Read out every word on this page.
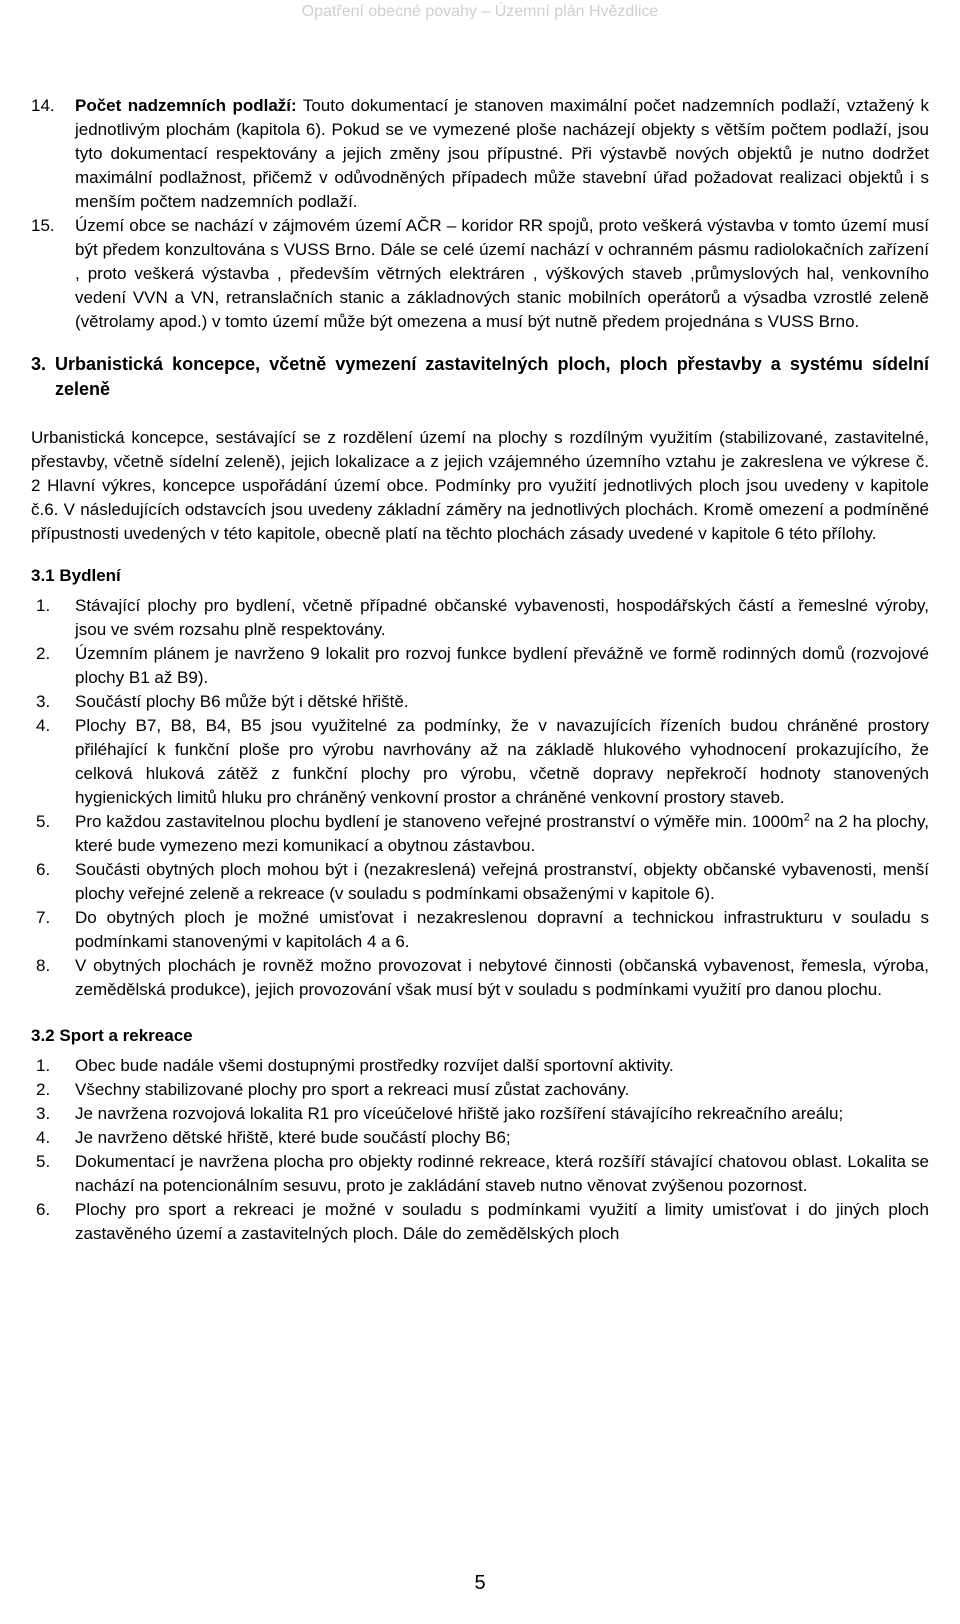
Opatření obecné povahy – Územní plán Hvězdlice
14. Počet nadzemních podlaží: Touto dokumentací je stanoven maximální počet nadzemních podlaží, vztažený k jednotlivým plochám (kapitola 6). Pokud se ve vymezené ploše nacházejí objekty s větším počtem podlaží, jsou tyto dokumentací respektovány a jejich změny jsou přípustné. Při výstavbě nových objektů je nutno dodržet maximální podlažnost, přičemž v odůvodněných případech může stavební úřad požadovat realizaci objektů i s menším počtem nadzemních podlaží.
15. Území obce se nachází v zájmovém území AČR – koridor RR spojů, proto veškerá výstavba v tomto území musí být předem konzultována s VUSS Brno. Dále se celé území nachází v ochranném pásmu radiolokačních zařízení , proto veškerá výstavba , především větrných elektráren , výškových staveb ,průmyslových hal, venkovního vedení VVN a VN, retranslačních stanic a základnových stanic mobilních operátorů a výsadba vzrostlé zeleně (větrolamy apod.) v tomto území může být omezena a musí být nutně předem projednána s VUSS Brno.
3. Urbanistická koncepce, včetně vymezení zastavitelných ploch, ploch přestavby a systému sídelní zeleně

Urbanistická koncepce, sestávající se z rozdělení území na plochy s rozdílným využitím (stabilizované, zastavitelné, přestavby, včetně sídelní zeleně), jejich lokalizace a z jejich vzájemného územního vztahu je zakreslena ve výkrese č. 2 Hlavní výkres, koncepce uspořádání území obce. Podmínky pro využití jednotlivých ploch jsou uvedeny v kapitole č.6. V následujících odstavcích jsou uvedeny základní záměry na jednotlivých plochách. Kromě omezení a podmíněné přípustnosti uvedených v této kapitole, obecně platí na těchto plochách zásady uvedené v kapitole 6 této přílohy.

3.1 Bydlení

1. Stávající plochy pro bydlení, včetně případné občanské vybavenosti, hospodářských částí a řemeslné výroby, jsou ve svém rozsahu plně respektovány.
2. Územním plánem je navrženo 9 lokalit pro rozvoj funkce bydlení převážně ve formě rodinných domů (rozvojové plochy B1 až B9).
3. Součástí plochy B6 může být i dětské hřiště.
4. Plochy B7, B8, B4, B5 jsou využitelné za podmínky, že v navazujících řízeních budou chráněné prostory přiléhající k funkční ploše pro výrobu navrhovány až na základě hlukového vyhodnocení prokazujícího, že celková hluková zátěž z funkční plochy pro výrobu, včetně dopravy nepřekročí hodnoty stanovených hygienických limitů hluku pro chráněný venkovní prostor a chráněné venkovní prostory staveb.
5. Pro každou zastavitelnou plochu bydlení je stanoveno veřejné prostranství o výměře min. $1000m^2$ na 2 ha plochy, které bude vymezeno mezi komunikací a obytnou zástavbou.
6. Součásti obytných ploch mohou být i (nezakreslená) veřejná prostranství, objekty občanské vybavenosti, menší plochy veřejné zeleně a rekreace (v souladu s podmínkami obsaženými v kapitole 6).
7. Do obytných ploch je možné umisťovat i nezakreslenou dopravní a technickou infrastrukturu v souladu s podmínkami stanovenými v kapitolách 4 a 6.
8. V obytných plochách je rovněž možno provozovat i nebytové činnosti (občanská vybavenost, řemesla, výroba, zemědělská produkce), jejich provozování však musí být v souladu s podmínkami využití pro danou plochu.

3.2 Sport a rekreace

1. Obec bude nadále všemi dostupnými prostředky rozvíjet další sportovní aktivity.
2. Všechny stabilizované plochy pro sport a rekreaci musí zůstat zachovány.
3. Je navržena rozvojová lokalita R1 pro víceúčelové hřiště jako rozšíření stávajícího rekreačního areálu;
4. Je navrženo dětské hřiště, které bude součástí plochy B6;
5. Dokumentací je navržena plocha pro objekty rodinné rekreace, která rozšíří stávající chatovou oblast. Lokalita se nachází na potencionálním sesuvu, proto je zakládání staveb nutno věnovat zvýšenou pozornost.
6. Plochy pro sport a rekreaci je možné v souladu s podmínkami využití a limity umisťovat i do jiných ploch zastavěného území a zastavitelných ploch. Dále do zemědělských ploch
5
